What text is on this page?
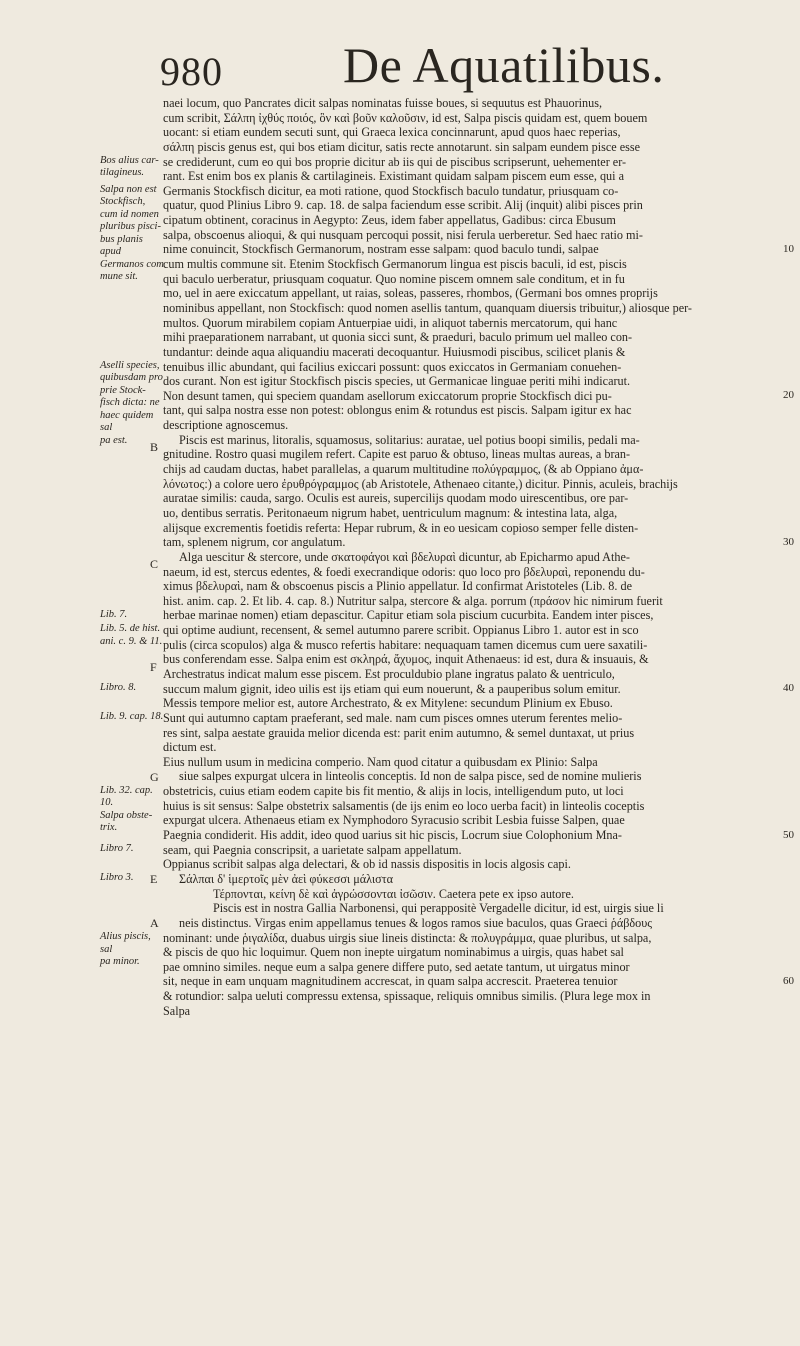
980 De Aquatilibus.
naei locum, quo Pancrates dicit salpas nominatas fuisse boues, si sequutus est Phauorinus,
cum scribit, Σάλπη ἰχθύς ποιός, ὃν καὶ βοῦν καλοῦσιν, id est, Salpa piscis quidam est, quem bouem
uocant: si etiam eundem secuti sunt, qui Graeca lexica concinnarunt, apud quos haec reperias,
σάλπη piscis genus est, qui bos etiam dicitur, satis recte annotarunt. sin salpam eundem pisce esse
se crediderunt, cum eo qui bos proprie dicitur ab iis qui de piscibus scripserunt, uehementer er-
rant. Est enim bos ex planis & cartilagineis. Existimant quidam salpam piscem eum esse, qui a
Germanis Stockfisch dicitur, ea moti ratione, quod Stockfisch baculo tundatur, priusquam co-
quatur, quod Plinius Libro 9. cap. 18. de salpa faciendum esse scribit. Alij (inquit) alibi pisces prin
cipatum obtinent, coracinus in Aegypto: Zeus, idem faber appellatus, Gadibus: circa Ebusum
salpa, obscoenus alioqui, & qui nusquam percoqui possit, nisi ferula uerberetur. Sed haec ratio mi-
nime conuincit, Stockfisch Germanorum, nostram esse salpam: quod baculo tundi, salpae
cum multis commune sit. Etenim Stockfisch Germanorum lingua est piscis baculi, id est, piscis
qui baculo uerberatur, priusquam coquatur. Quo nomine piscem omnem sale conditum, et in fu
mo, uel in aere exiccatum appellant, ut raias, soleas, passeres, rhombos, (Germani bos omnes proprijs
nominibus appellant, non Stockfisch: quod nomen asellis tantum, quanquam diuersis tribuitur,) aliosque per-
multos. Quorum mirabilem copiam Antuerpiae uidi, in aliquot tabernis mercatorum, qui hanc
mihi praeparationem narrabant, ut quonia sicci sunt, & praeduri, baculo primum uel malleo con-
tundantur: deinde aqua aliquandiu macerati decoquantur. Huiusmodi piscibus, scilicet planis &
tenuibus illic abundant, qui facilius exiccari possunt: quos exiccatos in Germaniam conuehen-
dos curant. Non est igitur Stockfisch piscis species, ut Germanicae linguae periti mihi indicarut.
Non desunt tamen, qui speciem quandam asellorum exiccatorum proprie Stockfisch dici pu-
tant, qui salpa nostra esse non potest: oblongus enim & rotundus est piscis. Salpam igitur ex hac
descriptione agnoscemus.
Piscis est marinus, litoralis, squamosus, solitarius: auratae, uel potius boopi similis, pedali ma-
gnitudine. Rostro quasi mugilem refert. Capite est paruo & obtuso, lineas multas aureas, a bran-
chijs ad caudam ductas, habet parallelas, a quarum multitudine πολύγραμμος, (& ab Oppiano ἀμα-
λόνωτος:) a colore uero ἐρυθρόγραμμος (ab Aristotele, Athenaeo citante,) dicitur. Pinnis, aculeis, brachijs
auratae similis: cauda, sargo. Oculis est aureis, supercilijs quodam modo uirescentibus, ore par-
uo, dentibus serratis. Peritonaeum nigrum habet, uentriculum magnum: & intestina lata, alga,
alijsque excrementis foetidis referta: Hepar rubrum, & in eo uesicam copioso semper felle disten-
tam, splenem nigrum, cor angulatum.
Alga uescitur & stercore, unde σκατοφάγοι καὶ βδελυραὶ dicuntur, ab Epicharmo apud Athe-
naeum, id est, stercus edentes, & foedi execrandique odoris: quo loco pro βδελυραὶ, reponendu du-
ximus βδελυραὶ, nam & obscoenus piscis a Plinio appellatur. Id confirmat Aristoteles (Lib. 8. de
hist. anim. cap. 2. Et lib. 4. cap. 8.) Nutritur salpa, stercore & alga. porrum (πράσον hic nimirum fuerit
herbae marinae nomen) etiam depascitur. Capitur etiam sola piscium cucurbita. Eandem inter pisces,
qui optime audiunt, recensent, & semel autumno parere scribit. Oppianus Libro 1. autor est in sco
pulis (circa scopulos) alga & musco refertis habitare: nequaquam tamen dicemus cum uere saxatili-
bus conferendam esse. Salpa enim est σκληρά, ἄχυμος, inquit Athenaeus: id est, dura & insuauis, &
Archestratus indicat malum esse piscem. Est proculdubio plane ingratus palato & uentriculo,
succum malum gignit, ideo uilis est ijs etiam qui eum nouerunt, & a pauperibus solum emitur.
Messis tempore melior est, autore Archestrato, & ex Mitylene: secundum Plinium ex Ebuso.
Sunt qui autumno captam praeferant, sed male. nam cum pisces omnes uterum ferentes melio-
res sint, salpa aestate grauida melior dicenda est: parit enim autumno, & semel duntaxat, ut prius
dictum est.
Eius nullum usum in medicina comperio. Nam quod citatur a quibusdam ex Plinio: Salpa
siue salpes expurgat ulcera in linteolis conceptis. Id non de salpa pisce, sed de nomine mulieris
obstetricis, cuius etiam eodem capite bis fit mentio, & alijs in locis, intelligendum puto, ut loci
huius is sit sensus: Salpe obstetrix salsamentis (de ijs enim eo loco uerba facit) in linteolis coceptis
expurgat ulcera. Athenaeus etiam ex Nymphodoro Syracusio scribit Lesbia fuisse Salpen, quae
Paegnia condiderit. His addit, ideo quod uarius sit hic piscis, Locrum siue Colophonium Mna-
seam, qui Paegnia conscripsit, a uarietate salpam appellatum.
Oppianus scribit salpas alga delectari, & ob id nassis dispositis in locis algosis capi.
Σάλπαι δ' ἱμερτοῖς μὲν ἀεὶ φύκεσσι μάλιστα
Τέρπονται, κείνη δὲ καὶ ἀγρώσσονται ἰσῶσιν. Caetera pete ex ipso autore.
Piscis est in nostra Gallia Narbonensi, qui perappositè Vergadelle dicitur, id est, uirgis siue li
neis distinctus. Virgas enim appellamus tenues & logos ramos siue baculos, quas Graeci ῥάβδους
nominant: unde ῥιγαλίδα, duabus uirgis siue lineis distincta: & πολυγράμμα, quae pluribus, ut salpa,
& piscis de quo hic loquimur. Quem non inepte uirgatum nominabimus a uirgis, quas habet sal
pae omnino similes. neque eum a salpa genere differe puto, sed aetate tantum, ut uirgatus minor
sit, neque in eam unquam magnitudinem accrescat, in quam salpa accrescit. Praeterea tenuior
& rotundior: salpa ueluti compressu extensa, spissaque, reliquis omnibus similis. (Plura lege mox in
Salpa
Bos alius car-
tilagineus.
Salpa non est
Stockfisch,
cum id nomen
pluribus pisci-
bus planis apud
Germanos com
mune sit.
Aselli species,
quibusdam pro
prie Stock-
fisch dicta: ne
haec quidem sal
pa est.
Lib. 7.
Lib. 5. de hist.
ani. c. 9. & 11.
Libro. 8.
Lib. 9. cap. 18.
Lib. 32. cap. 10.
Salpa obste-
trix.
Libro 7.
Libro 3.
Alius piscis, sal
pa minor.
B
C
F
G
E
A
10
20
30
40
50
60
